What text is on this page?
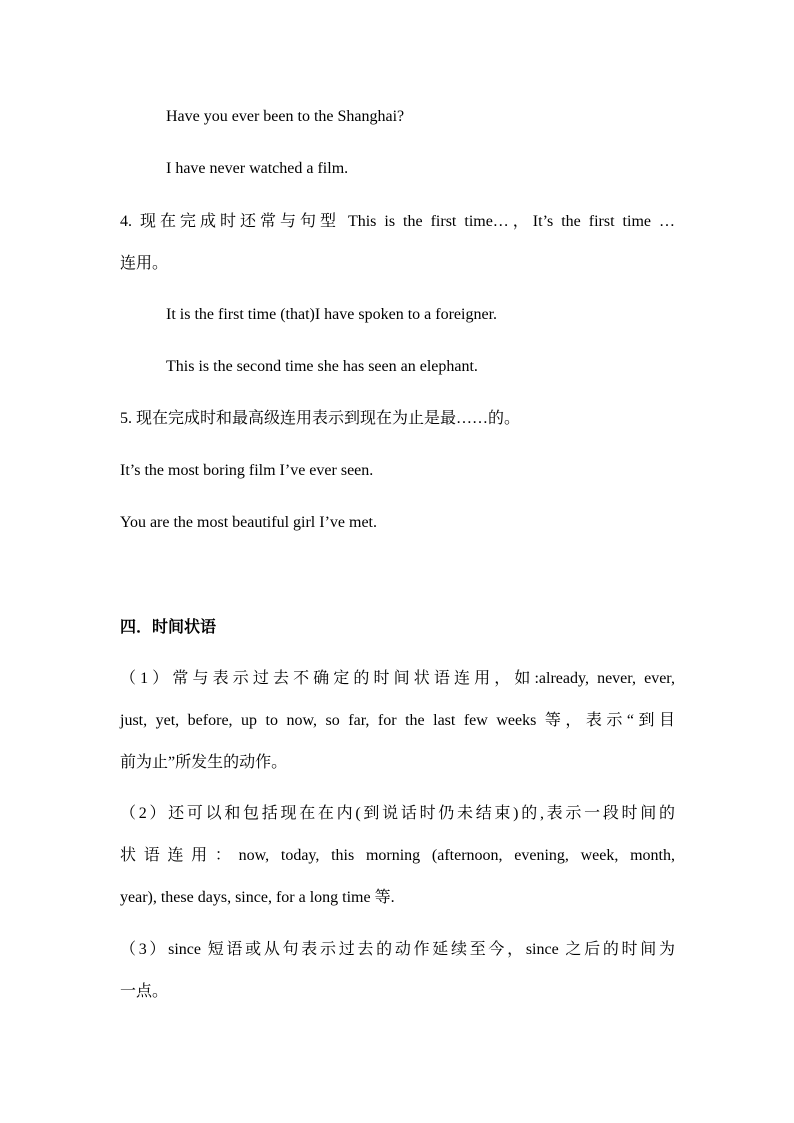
Have you ever been to the Shanghai?
I have never watched a film.
4. 现在完成时还常与句型 This is the first time…，It’s the first time …
连用。
It is the first time (that)I have spoken to a foreigner.
This is the second time she has seen an elephant.
5. 现在完成时和最高级连用表示到现在为止是最……的。
It’s the most boring film I’ve ever seen.
You are the most beautiful girl I’ve met.
四．时间状语
（1）常与表示过去不确定的时间状语连用，如:already, never, ever,
just, yet, before, up to now, so far, for the last few weeks 等，表示“到目
前为止”所发生的动作。
（2）还可以和包括现在在内(到说话时仍未结束)的,表示一段时间的
状语连用：now, today, this morning (afternoon, evening, week, month,
year), these days, since, for a long time 等.
（3）since 短语或从句表示过去的动作延续至今，since 之后的时间为
一点。
